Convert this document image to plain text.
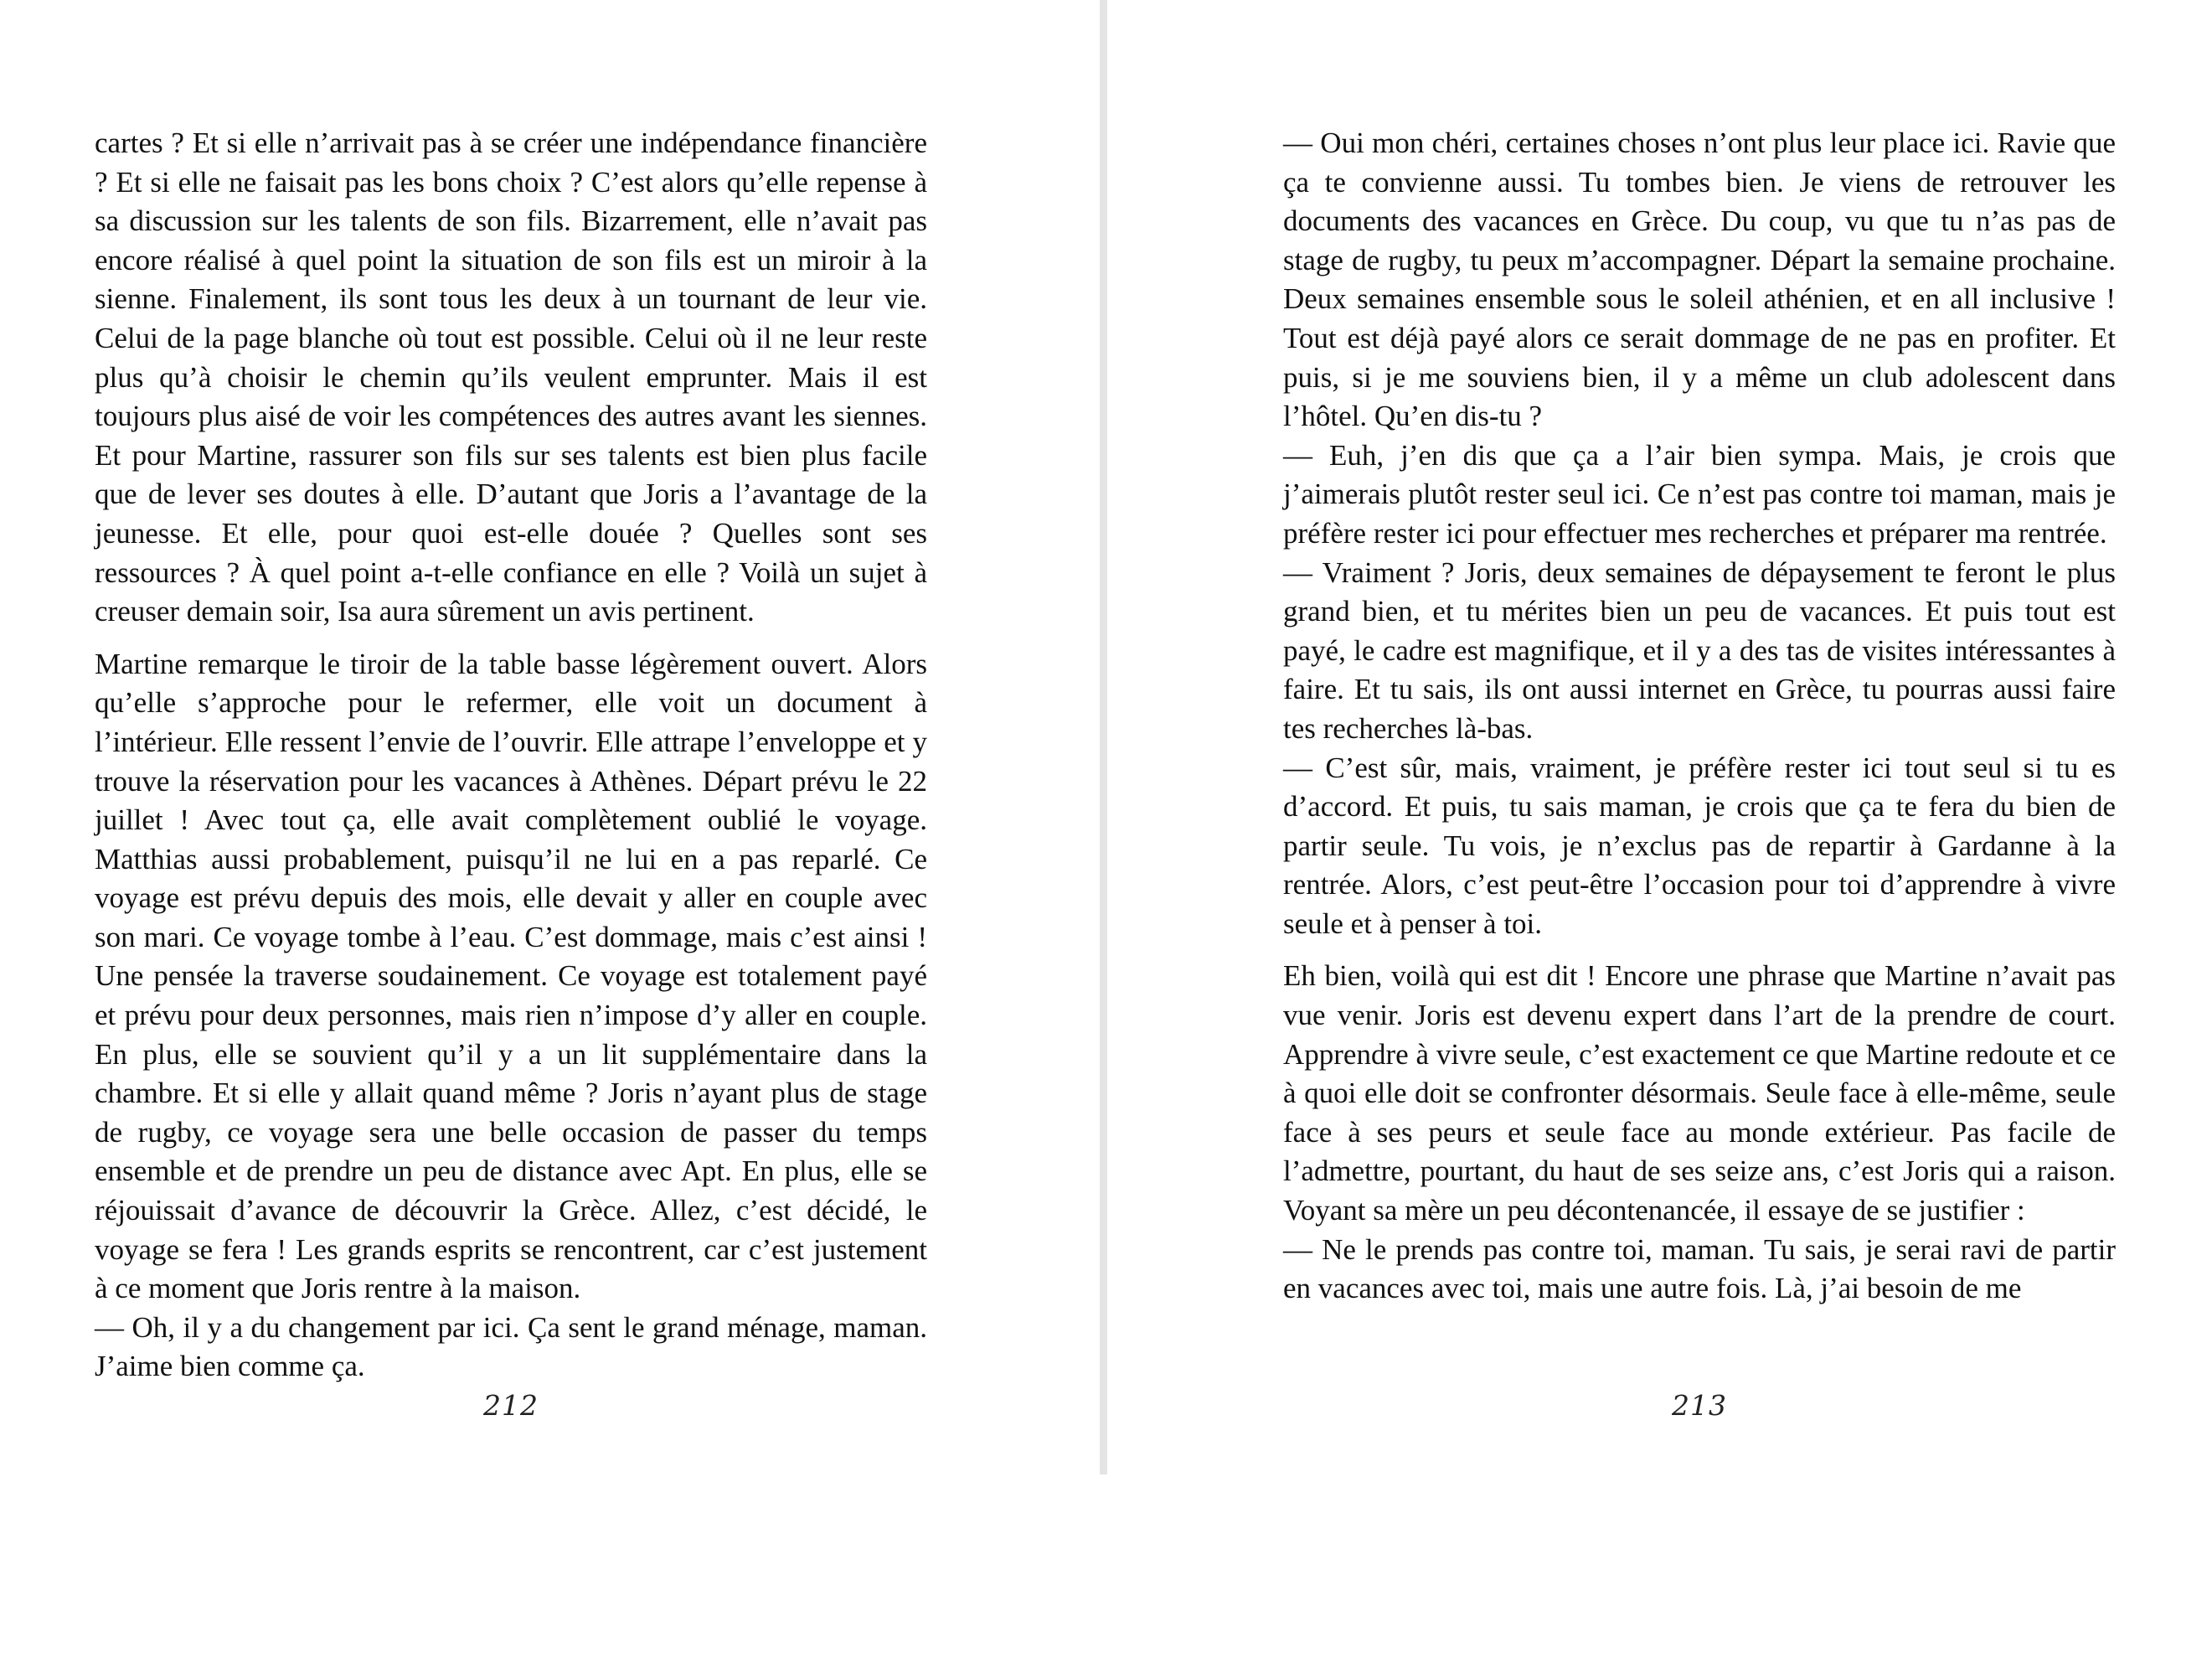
cartes ? Et si elle n’arrivait pas à se créer une indépendance financière ? Et si elle ne faisait pas les bons choix ? C’est alors qu’elle repense à sa discussion sur les talents de son fils. Bizarrement, elle n’avait pas encore réalisé à quel point la situation de son fils est un miroir à la sienne. Finalement, ils sont tous les deux à un tournant de leur vie. Celui de la page blanche où tout est possible. Celui où il ne leur reste plus qu’à choisir le chemin qu’ils veulent emprunter. Mais il est toujours plus aisé de voir les compétences des autres avant les siennes. Et pour Martine, rassurer son fils sur ses talents est bien plus facile que de lever ses doutes à elle. D’autant que Joris a l’avantage de la jeunesse. Et elle, pour quoi est-elle douée ? Quelles sont ses ressources ? À quel point a-t-elle confiance en elle ? Voilà un sujet à creuser demain soir, Isa aura sûrement un avis pertinent.

Martine remarque le tiroir de la table basse légèrement ouvert. Alors qu’elle s’approche pour le refermer, elle voit un document à l’intérieur. Elle ressent l’envie de l’ouvrir. Elle attrape l’enveloppe et y trouve la réservation pour les vacances à Athènes. Départ prévu le 22 juillet ! Avec tout ça, elle avait complètement oublié le voyage. Matthias aussi probablement, puisqu’il ne lui en a pas reparlé. Ce voyage est prévu depuis des mois, elle devait y aller en couple avec son mari. Ce voyage tombe à l’eau. C’est dommage, mais c’est ainsi ! Une pensée la traverse soudainement. Ce voyage est totalement payé et prévu pour deux personnes, mais rien n’impose d’y aller en couple. En plus, elle se souvient qu’il y a un lit supplémentaire dans la chambre. Et si elle y allait quand même ? Joris n’ayant plus de stage de rugby, ce voyage sera une belle occasion de passer du temps ensemble et de prendre un peu de distance avec Apt. En plus, elle se réjouissait d’avance de découvrir la Grèce. Allez, c’est décidé, le voyage se fera ! Les grands esprits se rencontrent, car c’est justement à ce moment que Joris rentre à la maison.

— Oh, il y a du changement par ici. Ça sent le grand ménage, maman. J’aime bien comme ça.

212

— Oui mon chéri, certaines choses n’ont plus leur place ici. Ravie que ça te convienne aussi. Tu tombes bien. Je viens de retrouver les documents des vacances en Grèce. Du coup, vu que tu n’as pas de stage de rugby, tu peux m’accompagner. Départ la semaine prochaine. Deux semaines ensemble sous le soleil athénien, et en all inclusive ! Tout est déjà payé alors ce serait dommage de ne pas en profiter. Et puis, si je me souviens bien, il y a même un club adolescent dans l’hôtel. Qu’en dis-tu ?

— Euh, j’en dis que ça a l’air bien sympa. Mais, je crois que j’aimerais plutôt rester seul ici. Ce n’est pas contre toi maman, mais je préfère rester ici pour effectuer mes recherches et préparer ma rentrée.

— Vraiment ? Joris, deux semaines de dépaysement te feront le plus grand bien, et tu mérites bien un peu de vacances. Et puis tout est payé, le cadre est magnifique, et il y a des tas de visites intéressantes à faire. Et tu sais, ils ont aussi internet en Grèce, tu pourras aussi faire tes recherches là-bas.

— C’est sûr, mais, vraiment, je préfère rester ici tout seul si tu es d’accord. Et puis, tu sais maman, je crois que ça te fera du bien de partir seule. Tu vois, je n’exclus pas de repartir à Gardanne à la rentrée. Alors, c’est peut-être l’occasion pour toi d’apprendre à vivre seule et à penser à toi.

Eh bien, voilà qui est dit ! Encore une phrase que Martine n’avait pas vue venir. Joris est devenu expert dans l’art de la prendre de court. Apprendre à vivre seule, c’est exactement ce que Martine redoute et ce à quoi elle doit se confronter désormais. Seule face à elle-même, seule face à ses peurs et seule face au monde extérieur. Pas facile de l’admettre, pourtant, du haut de ses seize ans, c’est Joris qui a raison. Voyant sa mère un peu décontenancée, il essaye de se justifier :

— Ne le prends pas contre toi, maman. Tu sais, je serai ravi de partir en vacances avec toi, mais une autre fois. Là, j’ai besoin de me

213
